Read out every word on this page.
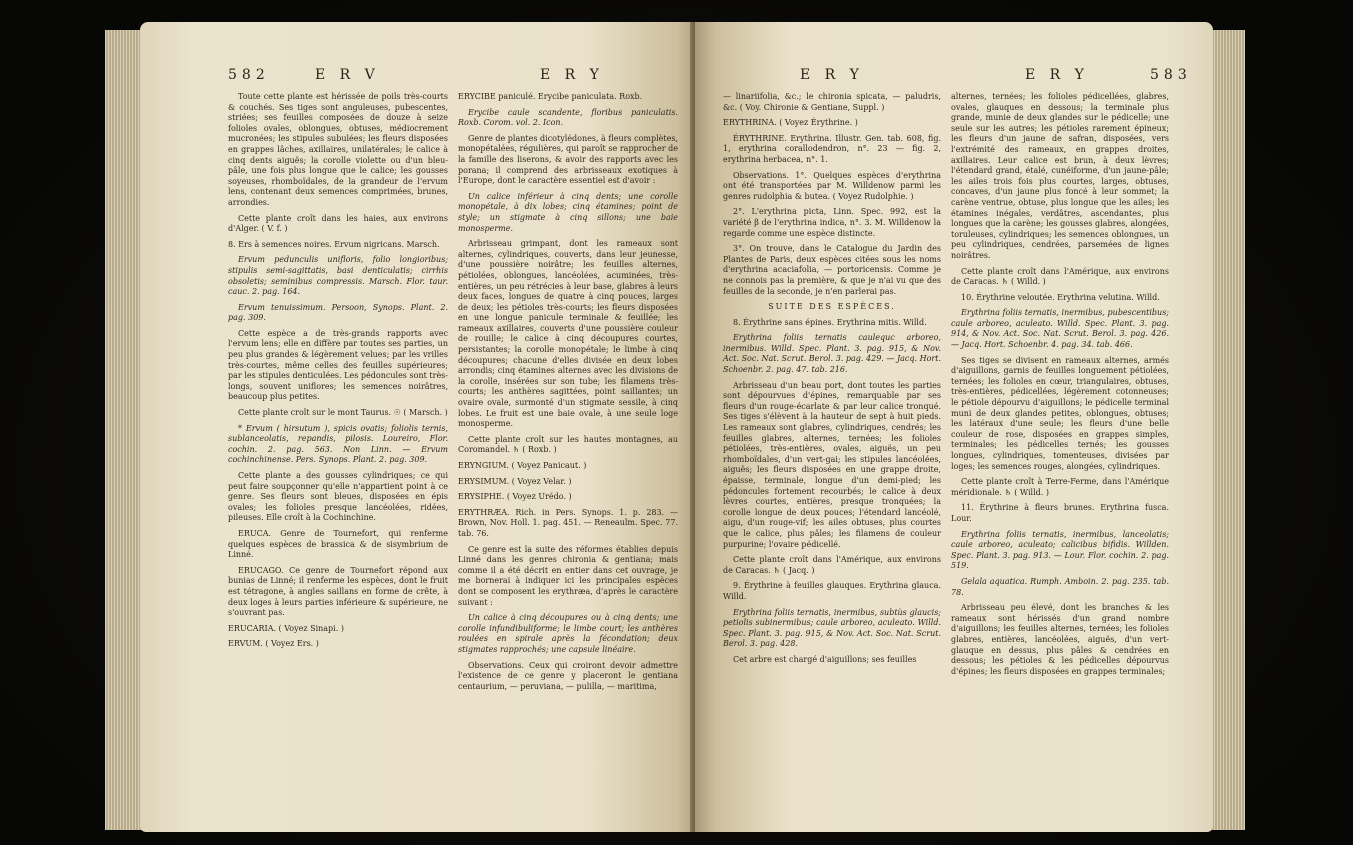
582	E R V	E R Y

Toute cette plante est hérissée de poils très-courts & couchés. Ses tiges sont anguleuses, pubescentes, striées; ses feuilles composées de douze à seize folioles ovales, oblongues, obtuses, médiocrement mucronées; les stipules subulées; les fleurs disposées en grappes lâches, axillaires, unilatérales; le calice à cinq dents aiguës; la corolle violette ou d'un bleu-pâle, une fois plus longue que le calice; les gousses soyeuses, rhomboïdales, de la grandeur de l'ervum lens, contenant deux semences comprimées, brunes, arrondies.

Cette plante croît dans les haies, aux environs d'Alger. ( V. f. )

8. Ers à semences noires. Ervum nigricans. Marsch.

Ervum pedunculis unifloris, folio longioribus; stipulis semi-sagittatis, basi denticulatis; cirrhis obsoletis; seminibus compressis. Marsch. Flor. taur. cauc. 2. pag. 164.

Ervum tenuissimum. Persoon, Synops. Plant. 2. pag. 309.

Cette espèce a de très-grands rapports avec l'ervum lens; elle en diffère par toutes ses parties, un peu plus grandes & légèrement velues; par les vrilles très-courtes, même celles des feuilles supérieures; par les stipules denticulées. Les pédoncules sont très-longs, souvent uniflores; les semences noirâtres, beaucoup plus petites.

Cette plante croît sur le mont Taurus. ☉ ( Marsch. )

* Ervum ( hirsutum ), spicis ovatis; foliolis ternis, sublanceolatis, repandis, pilosis. Loureiro, Flor. cochin. 2. pag. 563. Non Linn. — Ervum cochinchinense. Pers. Synops. Plant. 2. pag. 309.

Cette plante a des gousses cylindriques; ce qui peut faire soupçonner qu'elle n'appartient point à ce genre. Ses fleurs sont bleues, disposées en épis ovales; les folioles presque lancéolées, ridées, pileuses. Elle croît à la Cochinchine.

ERUCA. Genre de Tournefort, qui renferme quelques espèces de brassica & de sisymbrium de Linné.

ERUCAGO. Ce genre de Tournefort répond aux bunias de Linné; il renferme les espèces, dont le fruit est tétragone, à angles saillans en forme de crête, à deux loges à leurs parties inférieure & supérieure, ne s'ouvrant pas.

ERUCARIA. ( Voyez Sinapi. )

ERVUM. ( Voyez Ers. )

ERYCIBE paniculé. Erycibe paniculata. Roxb.

Erycibe caule scandente, floribus paniculatis. Roxb. Corom. vol. 2. Icon.

Genre de plantes dicotylédones, à fleurs complètes, monopétalées, régulières, qui paroît se rapprocher de la famille des liserons, & avoir des rapports avec les porana; il comprend des arbrisseaux exotiques à l'Europe, dont le caractère essentiel est d'avoir :

Un calice inférieur à cinq dents; une corolle monopétale, à dix lobes; cinq étamines; point de style; un stigmate à cinq sillons; une baie monosperme.

Arbrisseau grimpant, dont les rameaux sont alternes, cylindriques, couverts, dans leur jeunesse, d'une poussière noirâtre; les feuilles alternes, pétiolées, oblongues, lancéolées, acuminées, très-entières, un peu rétrécies à leur base, glabres à leurs deux faces, longues de quatre à cinq pouces, larges de deux; les pétioles très-courts; les fleurs disposées en une longue panicule terminale & feuillée; les rameaux axillaires, couverts d'une poussière couleur de rouille; le calice à cinq découpures courtes, persistantes; la corolle monopétale; le limbe à cinq découpures; chacune d'elles divisée en deux lobes arrondis; cinq étamines alternes avec les divisions de la corolle, insérées sur son tube; les filamens très-courts; les anthères sagittées, point saillantes; un ovaire ovale, surmonté d'un stigmate sessile, à cinq lobes. Le fruit est une baie ovale, à une seule loge monosperme.

Cette plante croît sur les hautes montagnes, au Coromandel. ♄ ( Roxb. )

ERYNGIUM. ( Voyez Panicaut. )

ERYSIMUM. ( Voyez Velar. )

ERYSIPHE. ( Voyez Urédo. )

ERYTHRÆA. Rich. in Pers. Synops. 1. p. 283. — Brown, Nov. Holl. 1. pag. 451. — Reneaulm. Spec. 77. tab. 76.

Ce genre est la suite des réformes établies depuis Linné dans les genres chironia & gentiana; mais comme il a été décrit en entier dans cet ouvrage, je me bornerai à indiquer ici les principales espèces dont se composent les erythræa, d'après le caractère suivant :

Un calice à cinq découpures ou à cinq dents; une corolle infundibuliforme; le limbe court; les anthères roulées en spirale après la fécondation; deux stigmates rapprochés; une capsule linéaire.

Observations. Ceux qui croiront devoir admettre l'existence de ce genre y placeront le gentiana centaurium, — peruviana, — pulilla, — maritima,

E R Y	E R Y	583

— linariifolia, &c.; le chironia spicata, — paludris, &c. ( Voy. Chironie & Gentiane, Suppl. )

ERYTHRINA. ( Voyez Érythrine. )

ÉRYTHRINE. Erythrina. Illustr. Gen. tab. 608, fig. 1, erythrina corallodendron, n°. 23 — fig. 2, erythrina herbacea, n°. 1.

Observations. 1°. Quelques espèces d'erythrina ont été transportées par M. Willdenow parmi les genres rudolphia & butea. ( Voyez Rudolphie. )

2°. L'erythrina picta, Linn. Spec. 992, est la variété β de l'erythrina indica, n°. 3. M. Willdenow la regarde comme une espèce distincte.

3°. On trouve, dans le Catalogue du Jardin des Plantes de Paris, deux espèces citées sous les noms d'erythrina acaciafolia, — portoricensis. Comme je ne connois pas la première, & que je n'ai vu que des feuilles de la seconde, je n'en parlerai pas.

SUITE DES ESPÈCES.

8. Érythrine sans épines. Erythrina mitis. Willd.

Erythrina foliis ternatis caulequc arboreo, inermibus. Willd. Spec. Plant. 3. pag. 915, & Nov. Act. Soc. Nat. Scrut. Berol. 3. pag. 429. — Jacq. Hort. Schoenbr. 2. pag. 47. tab. 216.

Arbrisseau d'un beau port, dont toutes les parties sont dépourvues d'épines, remarquable par ses fleurs d'un rouge-écarlate & par leur calice tronqué. Ses tiges s'élèvent à la hauteur de sept à huit pieds. Les rameaux sont glabres, cylindriques, cendrés; les feuilles glabres, alternes, ternées; les folioles pétiolées, très-entières, ovales, aiguës, un peu rhomboïdales, d'un vert-gai; les stipules lancéolées, aiguës; les fleurs disposées en une grappe droite, épaisse, terminale, longue d'un demi-pied; les pédoncules fortement recourbés; le calice à deux lèvres courtes, entières, presque tronquées; la corolle longue de deux pouces; l'étendard lancéolé, aigu, d'un rouge-vif; les ailes obtuses, plus courtes que le calice, plus pâles; les filamens de couleur purpurine; l'ovaire pédicellé.

Cette plante croît dans l'Amérique, aux environs de Caracas. ♄ ( Jacq. )

9. Érythrine à feuilles glauques. Erythrina glauca. Willd.

Erythrina foliis ternatis, inermibus, subtùs glaucis; petiolis subinermibus; caule arboreo, aculeato. Willd. Spec. Plant. 3. pag. 915, & Nov. Act. Soc. Nat. Scrut. Berol. 3. pag. 428.

Cet arbre est chargé d'aiguillons; ses feuilles

alternes, ternées; les folioles pédicellées, glabres, ovales, glauques en dessous; la terminale plus grande, munie de deux glandes sur le pédicelle; une seule sur les autres; les pétioles rarement épineux; les fleurs d'un jaune de safran, disposées, vers l'extrémité des rameaux, en grappes droites, axillaires. Leur calice est brun, à deux lèvres; l'étendard grand, étalé, cunéiforme, d'un jaune-pâle; les ailes trois fois plus courtes, larges, obtuses, concaves, d'un jaune plus foncé à leur sommet; la carène ventrue, obtuse, plus longue que les ailes; les étamines inégales, verdâtres, ascendantes, plus longues que la carène; les gousses glabres, alongées, toruleuses, cylindriques; les semences oblongues, un peu cylindriques, cendrées, parsemées de lignes noirâtres.

Cette plante croît dans l'Amérique, aux environs de Caracas. ♄ ( Willd. )

10. Érythrine veloutée. Erythrina velutina. Willd.

Erythrina foliis ternatis, inermibus, pubescentibus; caule arboreo, aculeato. Willd. Spec. Plant. 3. pag. 914, & Nov. Act. Soc. Nat. Scrut. Berol. 3. pag. 426. — Jacq. Hort. Schoenbr. 4. pag. 34. tab. 466.

Ses tiges se divisent en rameaux alternes, armés d'aiguillons, garnis de feuilles longuement pétiolées, ternées; les folioles en cœur, triangulaires, obtuses, très-entières, pédicellées, légèrement cotonneuses; le pétiole dépourvu d'aiguillons; le pédicelle terminal muni de deux glandes petites, oblongues, obtuses; les latéraux d'une seule; les fleurs d'une belle couleur de rose, disposées en grappes simples, terminales; les pédicelles ternés; les gousses longues, cylindriques, tomenteuses, divisées par loges; les semences rouges, alongées, cylindriques.

Cette plante croît à Terre-Ferme, dans l'Amérique méridionale. ♄ ( Willd. )

11. Érythrine à fleurs brunes. Erythrina fusca. Lour.

Erythrina foliis ternatis, inermibus, lanceolatis; caule arboreo, aculeato; calicibus bifidis. Willden. Spec. Plant. 3. pag. 913. — Lour. Flor. cochin. 2. pag. 519.

Gelala aquatica. Rumph. Amboin. 2. pag. 235. tab. 78.

Arbrisseau peu élevé, dont les branches & les rameaux sont hérissés d'un grand nombre d'aiguillons; les feuilles alternes, ternées; les folioles glabres, entières, lancéolées, aiguës, d'un vert-glauque en dessus, plus pâles & cendrées en dessous; les pétioles & les pédicelles dépourvus d'épines; les fleurs disposées en grappes terminales;
